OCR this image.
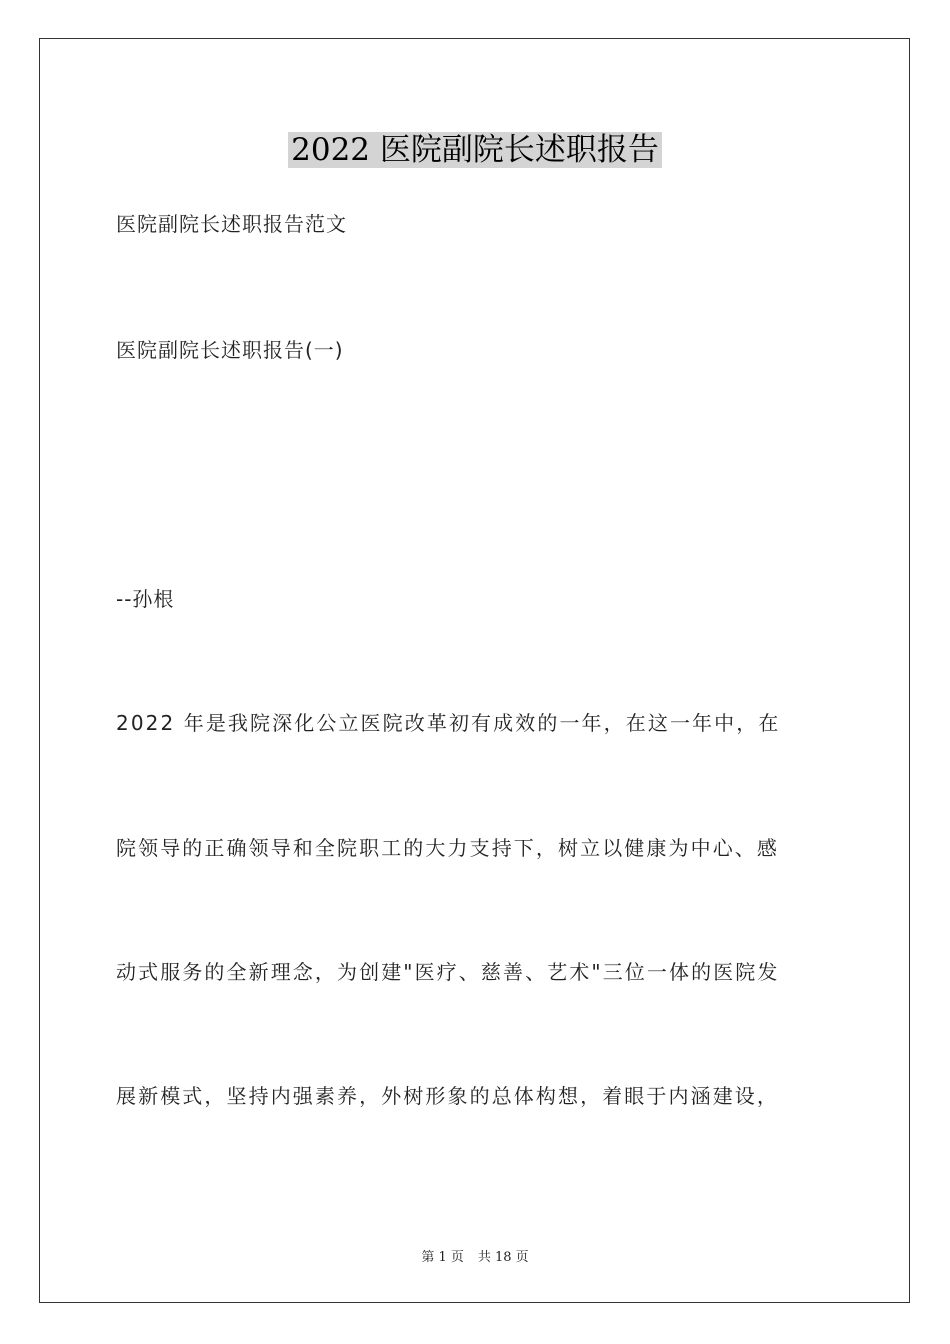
2022 医院副院长述职报告
医院副院长述职报告范文
医院副院长述职报告(一)
--孙根
2022 年是我院深化公立医院改革初有成效的一年，在这一年中，在
院领导的正确领导和全院职工的大力支持下，树立以健康为中心、感
动式服务的全新理念，为创建"医疗、慈善、艺术"三位一体的医院发
展新模式，坚持内强素养，外树形象的总体构想，着眼于内涵建设，
第 1 页 共 18 页
